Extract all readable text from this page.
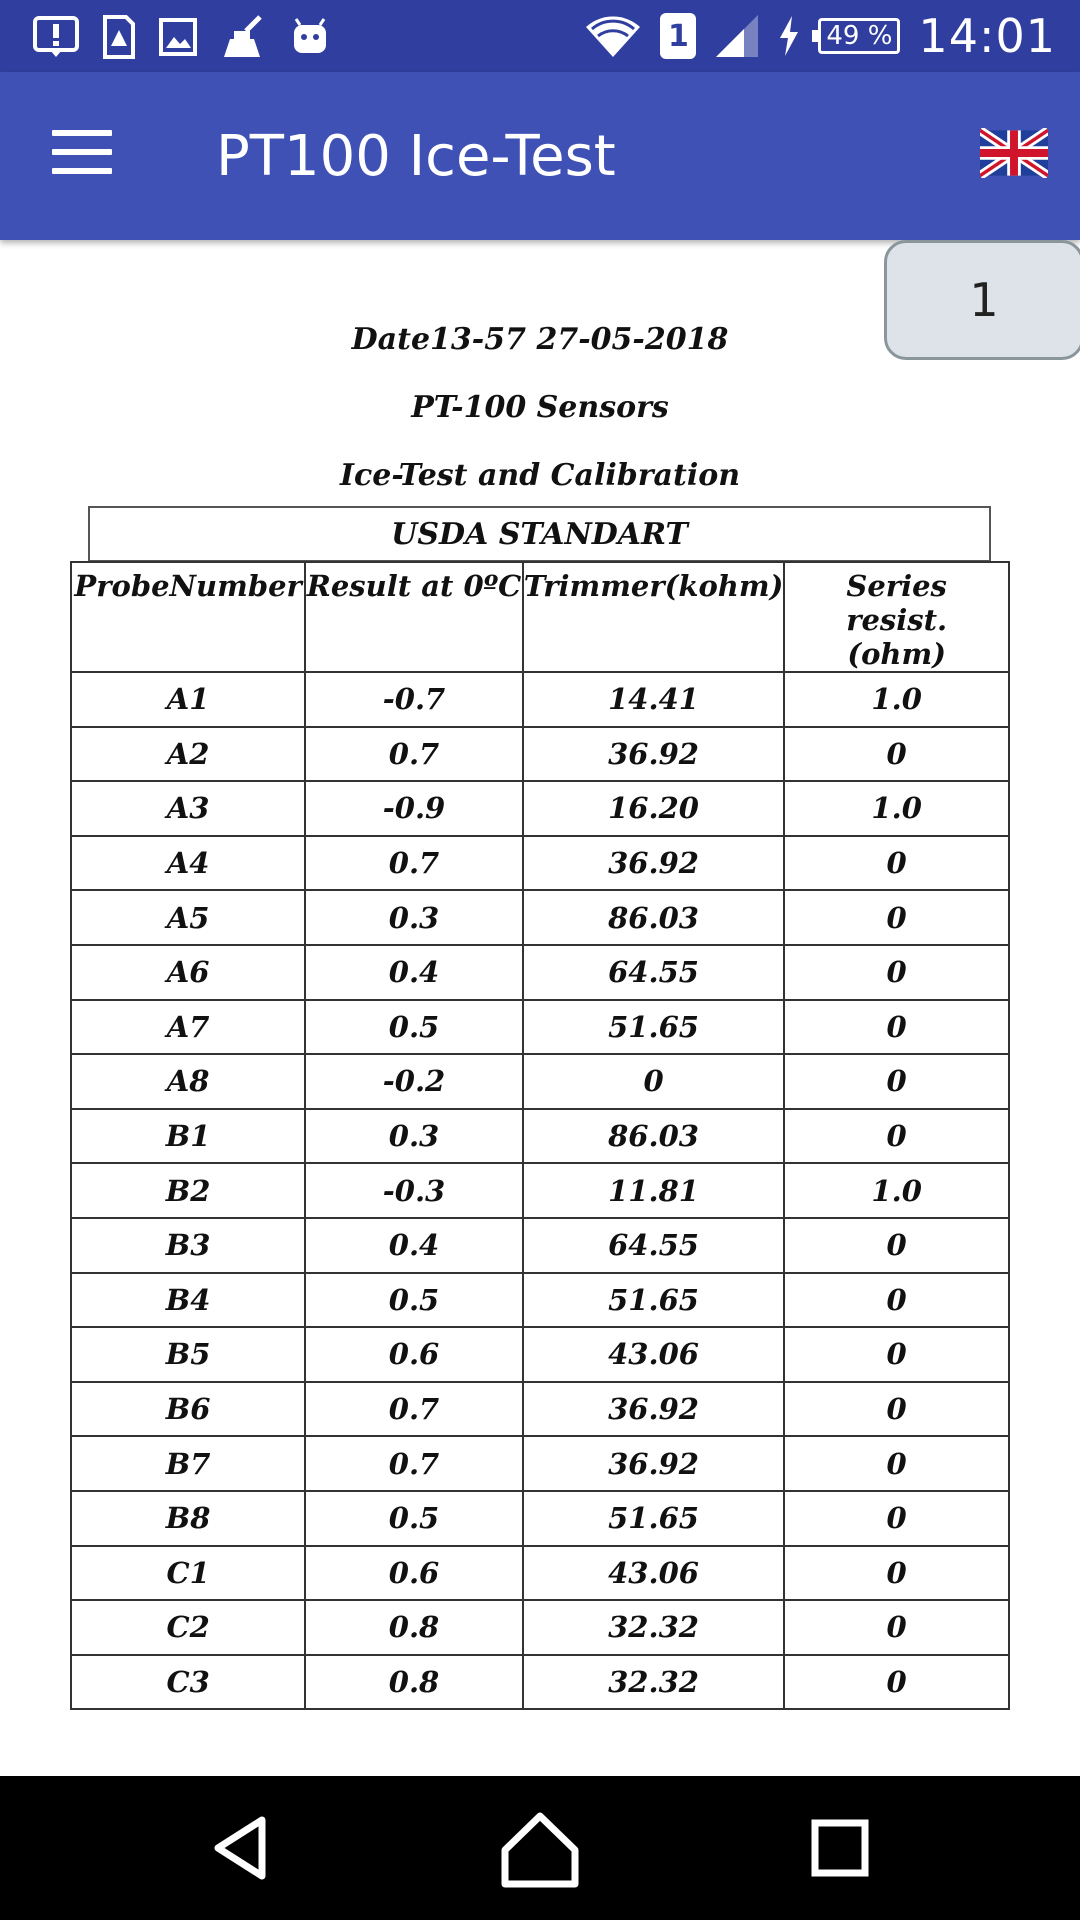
1	49 % 14:01
PT100 Ice-Test
1
Date13-57 27-05-2018
PT-100 Sensors
Ice-Test and Calibration
USDA STANDART
ProbeNumber	Result at 0ºC	Trimmer(kohm)	Series resist.(ohm)
A1	-0.7	14.41	1.0
A2	0.7	36.92	0
A3	-0.9	16.20	1.0
A4	0.7	36.92	0
A5	0.3	86.03	0
A6	0.4	64.55	0
A7	0.5	51.65	0
A8	-0.2	0	0
B1	0.3	86.03	0
B2	-0.3	11.81	1.0
B3	0.4	64.55	0
B4	0.5	51.65	0
B5	0.6	43.06	0
B6	0.7	36.92	0
B7	0.7	36.92	0
B8	0.5	51.65	0
C1	0.6	43.06	0
C2	0.8	32.32	0
C3	0.8	32.32	0
